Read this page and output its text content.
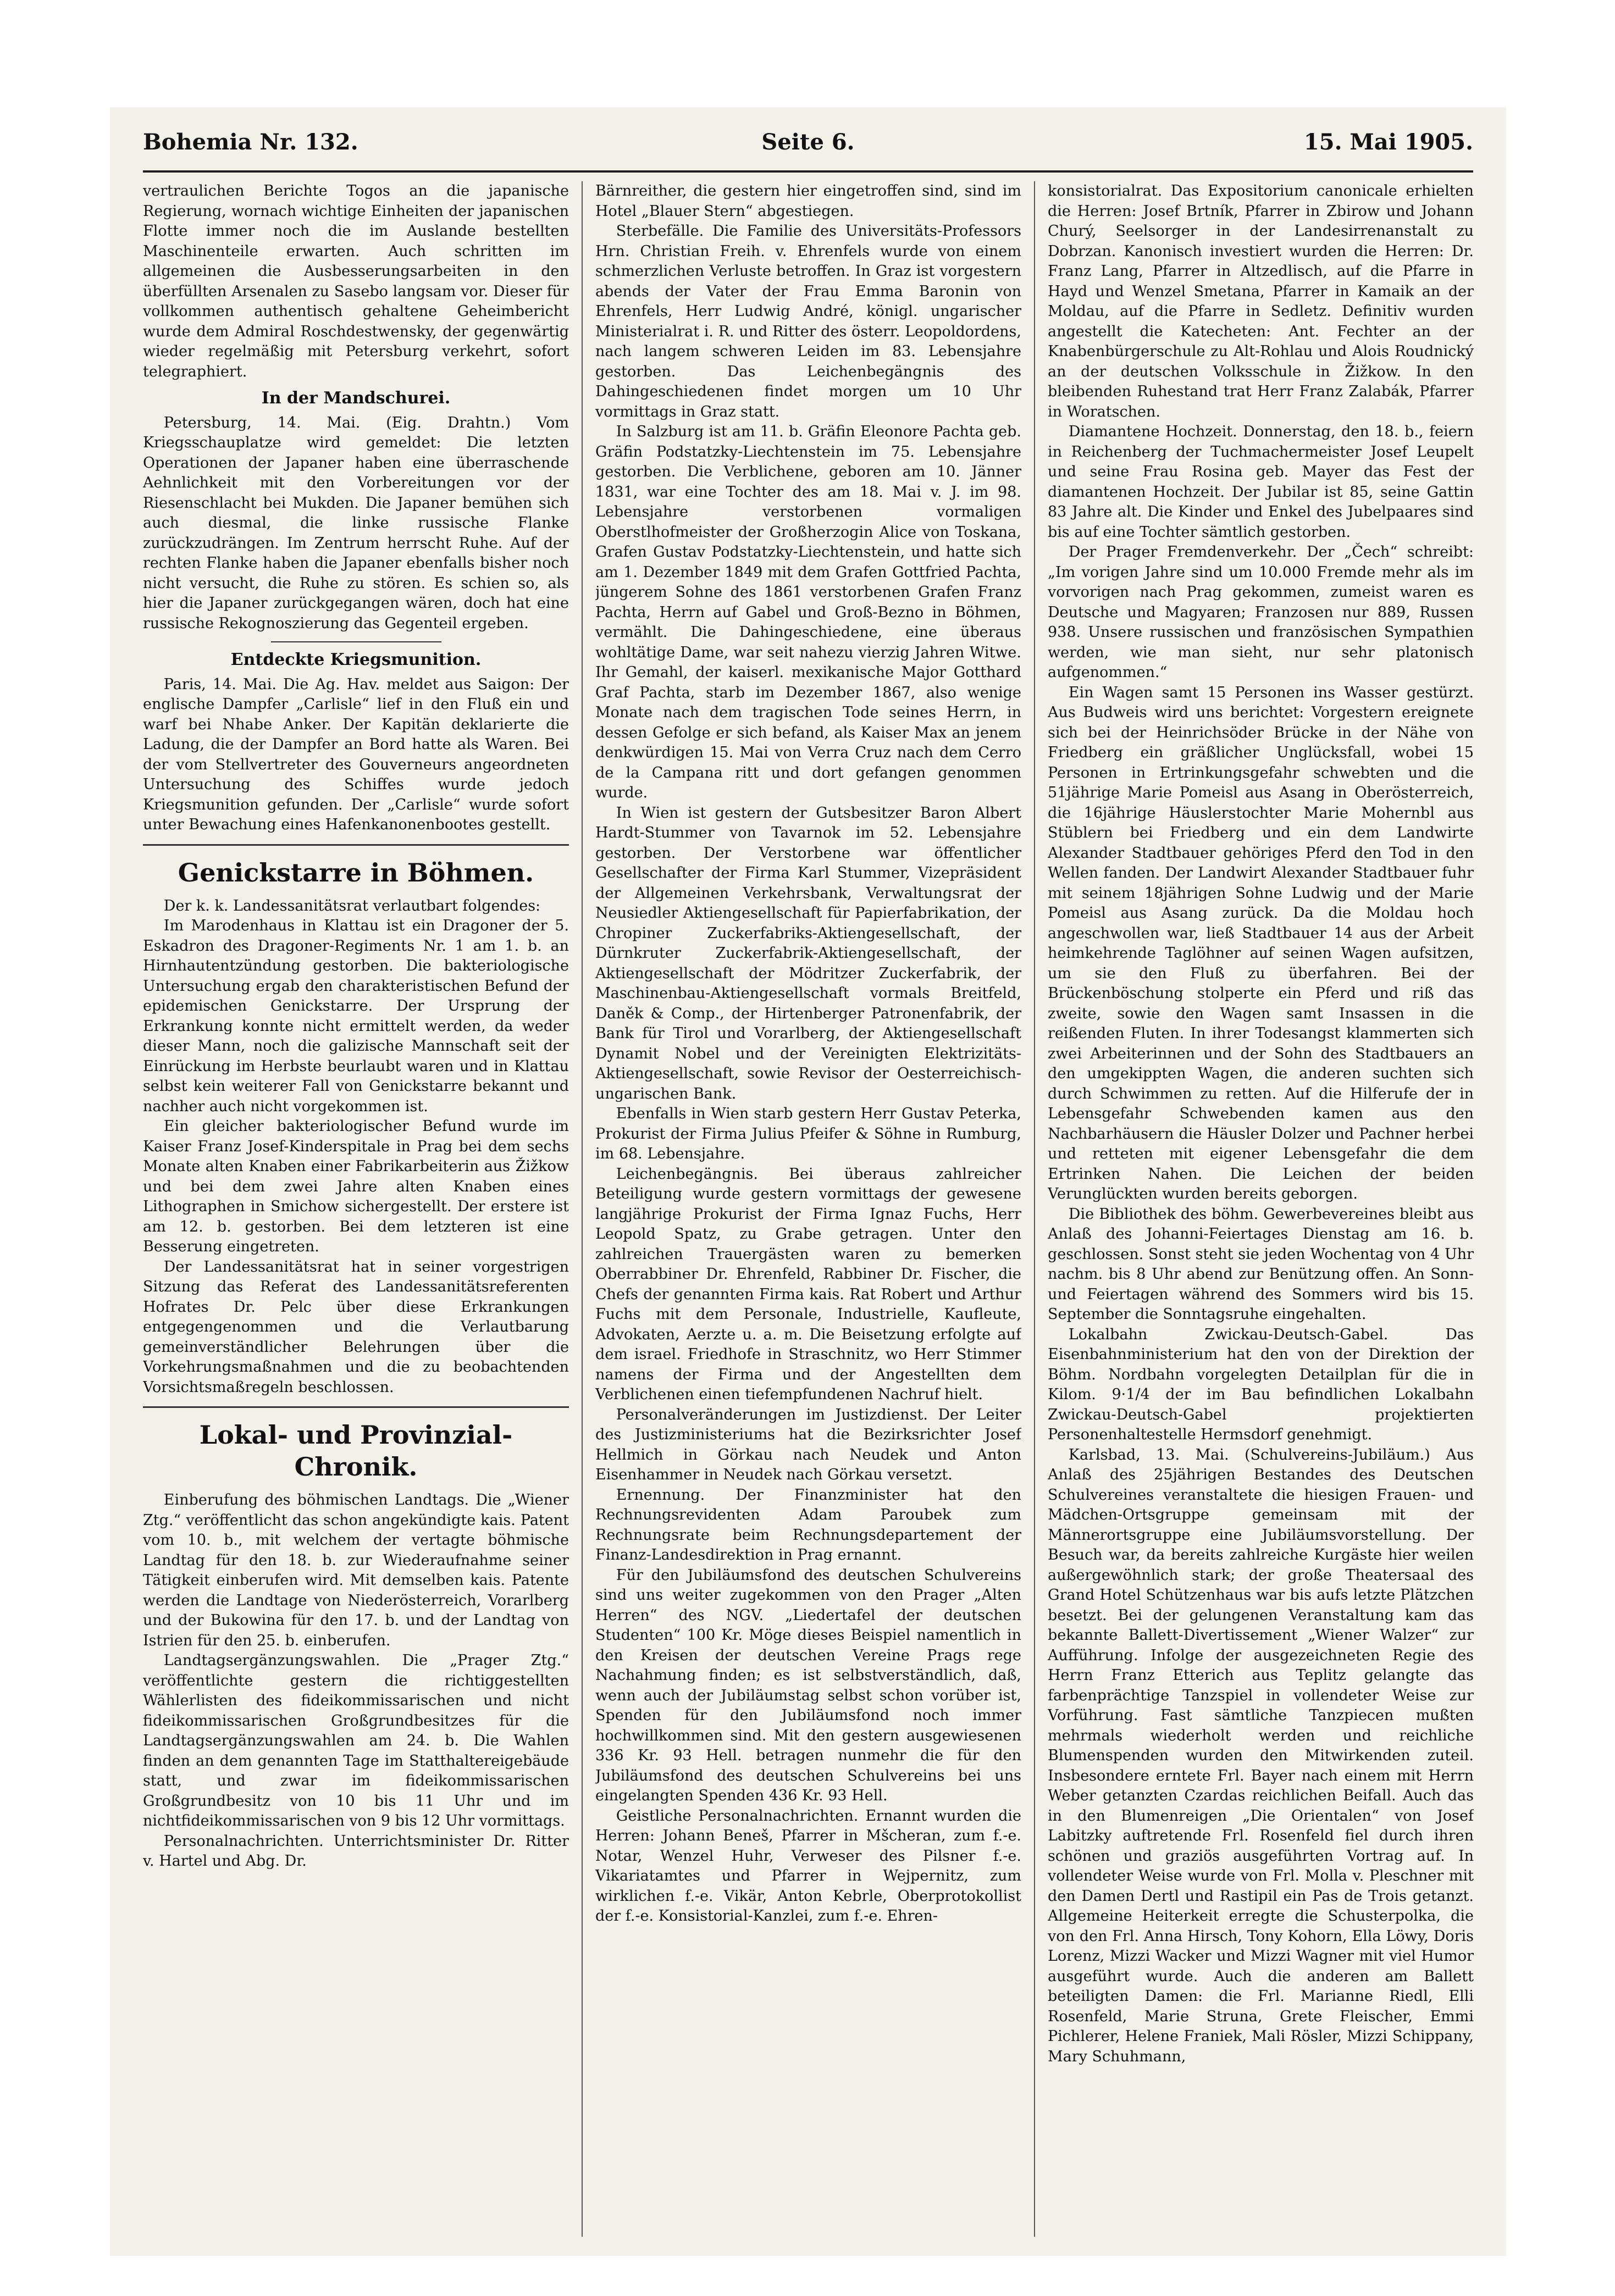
Bohemia Nr. 132.	Seite 6.	15. Mai 1905.

vertraulichen Berichte Togos an die japanische Regierung, wornach wichtige Einheiten der japanischen Flotte immer noch die im Auslande bestellten Maschinenteile erwarten. Auch schritten im allgemeinen die Ausbesserungsarbeiten in den überfüllten Arsenalen zu Sasebo langsam vor. Dieser für vollkommen authentisch gehaltene Geheimbericht wurde dem Admiral Roschdestwensky, der gegenwärtig wieder regelmäßig mit Petersburg verkehrt, sofort telegraphiert.

In der Mandschurei.

Petersburg, 14. Mai. (Eig. Drahtn.) Vom Kriegsschauplatze wird gemeldet: Die letzten Operationen der Japaner haben eine überraschende Aehnlichkeit mit den Vorbereitungen vor der Riesenschlacht bei Mukden. Die Japaner bemühen sich auch diesmal, die linke russische Flanke zurückzudrängen. Im Zentrum herrscht Ruhe. Auf der rechten Flanke haben die Japaner ebenfalls bisher noch nicht versucht, die Ruhe zu stören. Es schien so, als hier die Japaner zurückgegangen wären, doch hat eine russische Rekognoszierung das Gegenteil ergeben.

Entdeckte Kriegsmunition.

Paris, 14. Mai. Die Ag. Hav. meldet aus Saigon: Der englische Dampfer „Carlisle“ lief in den Fluß ein und warf bei Nhabe Anker. Der Kapitän deklarierte die Ladung, die der Dampfer an Bord hatte als Waren. Bei der vom Stellvertreter des Gouverneurs angeordneten Untersuchung des Schiffes wurde jedoch Kriegsmunition gefunden. Der „Carlisle“ wurde sofort unter Bewachung eines Hafenkanonenbootes gestellt.

Genickstarre in Böhmen.

Der k. k. Landessanitätsrat verlautbart folgendes:

Im Marodenhaus in Klattau ist ein Dragoner der 5. Eskadron des Dragoner-Regiments Nr. 1 am 1. b. an Hirnhautentzündung gestorben. Die bakteriologische Untersuchung ergab den charakteristischen Befund der epidemischen Genickstarre. Der Ursprung der Erkrankung konnte nicht ermittelt werden, da weder dieser Mann, noch die galizische Mannschaft seit der Einrückung im Herbste beurlaubt waren und in Klattau selbst kein weiterer Fall von Genickstarre bekannt und nachher auch nicht vorgekommen ist.

Ein gleicher bakteriologischer Befund wurde im Kaiser Franz Josef-Kinderspitale in Prag bei dem sechs Monate alten Knaben einer Fabrikarbeiterin aus Žižkow und bei dem zwei Jahre alten Knaben eines Lithographen in Smichow sichergestellt. Der erstere ist am 12. b. gestorben. Bei dem letzteren ist eine Besserung eingetreten.

Der Landessanitätsrat hat in seiner vorgestrigen Sitzung das Referat des Landessanitätsreferenten Hofrates Dr. Pelc über diese Erkrankungen entgegengenommen und die Verlautbarung gemeinverständlicher Belehrungen über die Vorkehrungsmaßnahmen und die zu beobachtenden Vorsichtsmaßregeln beschlossen.

Lokal- und Provinzial-Chronik.

Einberufung des böhmischen Landtags. Die „Wiener Ztg.“ veröffentlicht das schon angekündigte kais. Patent vom 10. b., mit welchem der vertagte böhmische Landtag für den 18. b. zur Wiederaufnahme seiner Tätigkeit einberufen wird. Mit demselben kais. Patente werden die Landtage von Niederösterreich, Vorarlberg und der Bukowina für den 17. b. und der Landtag von Istrien für den 25. b. einberufen.

Landtagsergänzungswahlen. Die „Prager Ztg.“ veröffentlichte gestern die richtiggestellten Wählerlisten des fideikommissarischen und nicht fideikommissarischen Großgrundbesitzes für die Landtagsergänzungswahlen am 24. b. Die Wahlen finden an dem genannten Tage im Statthaltereigebäude statt, und zwar im fideikommissarischen Großgrundbesitz von 10 bis 11 Uhr und im nichtfideikommissarischen von 9 bis 12 Uhr vormittags.

Personalnachrichten. Unterrichtsminister Dr. Ritter v. Hartel und Abg. Dr.

Bärnreither, die gestern hier eingetroffen sind, sind im Hotel „Blauer Stern“ abgestiegen.

Sterbefälle. Die Familie des Universitäts-Professors Hrn. Christian Freih. v. Ehrenfels wurde von einem schmerzlichen Verluste betroffen. In Graz ist vorgestern abends der Vater der Frau Emma Baronin von Ehrenfels, Herr Ludwig André, königl. ungarischer Ministerialrat i. R. und Ritter des österr. Leopoldordens, nach langem schweren Leiden im 83. Lebensjahre gestorben. Das Leichenbegängnis des Dahingeschiedenen findet morgen um 10 Uhr vormittags in Graz statt.

In Salzburg ist am 11. b. Gräfin Eleonore Pachta geb. Gräfin Podstatzky-Liechtenstein im 75. Lebensjahre gestorben. Die Verblichene, geboren am 10. Jänner 1831, war eine Tochter des am 18. Mai v. J. im 98. Lebensjahre verstorbenen vormaligen Oberstlhofmeister der Großherzogin Alice von Toskana, Grafen Gustav Podstatzky-Liechtenstein, und hatte sich am 1. Dezember 1849 mit dem Grafen Gottfried Pachta, jüngerem Sohne des 1861 verstorbenen Grafen Franz Pachta, Herrn auf Gabel und Groß-Bezno in Böhmen, vermählt. Die Dahingeschiedene, eine überaus wohltätige Dame, war seit nahezu vierzig Jahren Witwe. Ihr Gemahl, der kaiserl. mexikanische Major Gotthard Graf Pachta, starb im Dezember 1867, also wenige Monate nach dem tragischen Tode seines Herrn, in dessen Gefolge er sich befand, als Kaiser Max an jenem denkwürdigen 15. Mai von Verra Cruz nach dem Cerro de la Campana ritt und dort gefangen genommen wurde.

In Wien ist gestern der Gutsbesitzer Baron Albert Hardt-Stummer von Tavarnok im 52. Lebensjahre gestorben. Der Verstorbene war öffentlicher Gesellschafter der Firma Karl Stummer, Vizepräsident der Allgemeinen Verkehrsbank, Verwaltungsrat der Neusiedler Aktiengesellschaft für Papierfabrikation, der Chropiner Zuckerfabriks-Aktiengesellschaft, der Dürnkruter Zuckerfabrik-Aktiengesellschaft, der Aktiengesellschaft der Mödritzer Zuckerfabrik, der Maschinenbau-Aktiengesellschaft vormals Breitfeld, Daněk & Comp., der Hirtenberger Patronenfabrik, der Bank für Tirol und Vorarlberg, der Aktiengesellschaft Dynamit Nobel und der Vereinigten Elektrizitäts-Aktiengesellschaft, sowie Revisor der Oesterreichisch-ungarischen Bank.

Ebenfalls in Wien starb gestern Herr Gustav Peterka, Prokurist der Firma Julius Pfeifer & Söhne in Rumburg, im 68. Lebensjahre.

Leichenbegängnis. Bei überaus zahlreicher Beteiligung wurde gestern vormittags der gewesene langjährige Prokurist der Firma Ignaz Fuchs, Herr Leopold Spatz, zu Grabe getragen. Unter den zahlreichen Trauergästen waren zu bemerken Oberrabbiner Dr. Ehrenfeld, Rabbiner Dr. Fischer, die Chefs der genannten Firma kais. Rat Robert und Arthur Fuchs mit dem Personale, Industrielle, Kaufleute, Advokaten, Aerzte u. a. m. Die Beisetzung erfolgte auf dem israel. Friedhofe in Straschnitz, wo Herr Stimmer namens der Firma und der Angestellten dem Verblichenen einen tiefempfundenen Nachruf hielt.

Personalveränderungen im Justizdienst. Der Leiter des Justizministeriums hat die Bezirksrichter Josef Hellmich in Görkau nach Neudek und Anton Eisenhammer in Neudek nach Görkau versetzt.

Ernennung. Der Finanzminister hat den Rechnungsrevidenten Adam Paroubek zum Rechnungsrate beim Rechnungsdepartement der Finanz-Landesdirektion in Prag ernannt.

Für den Jubiläumsfond des deutschen Schulvereins sind uns weiter zugekommen von den Prager „Alten Herren“ des NGV. „Liedertafel der deutschen Studenten“ 100 Kr. Möge dieses Beispiel namentlich in den Kreisen der deutschen Vereine Prags rege Nachahmung finden; es ist selbstverständlich, daß, wenn auch der Jubiläumstag selbst schon vorüber ist, Spenden für den Jubiläumsfond noch immer hochwillkommen sind. Mit den gestern ausgewiesenen 336 Kr. 93 Hell. betragen nunmehr die für den Jubiläumsfond des deutschen Schulvereins bei uns eingelangten Spenden 436 Kr. 93 Hell.

Geistliche Personalnachrichten. Ernannt wurden die Herren: Johann Beneš, Pfarrer in Mšcheran, zum f.-e. Notar, Wenzel Huhr, Verweser des Pilsner f.-e. Vikariatamtes und Pfarrer in Wejpernitz, zum wirklichen f.-e. Vikär, Anton Kebrle, Oberprotokollist der f.-e. Konsistorial-Kanzlei, zum f.-e. Ehren-

konsistorialrat. Das Expositorium canonicale erhielten die Herren: Josef Brtník, Pfarrer in Zbirow und Johann Churý, Seelsorger in der Landesirrenanstalt zu Dobrzan. Kanonisch investiert wurden die Herren: Dr. Franz Lang, Pfarrer in Altzedlisch, auf die Pfarre in Hayd und Wenzel Smetana, Pfarrer in Kamaik an der Moldau, auf die Pfarre in Sedletz. Definitiv wurden angestellt die Katecheten: Ant. Fechter an der Knabenbürgerschule zu Alt-Rohlau und Alois Roudnický an der deutschen Volksschule in Žižkow. In den bleibenden Ruhestand trat Herr Franz Zalabák, Pfarrer in Woratschen.

Diamantene Hochzeit. Donnerstag, den 18. b., feiern in Reichenberg der Tuchmachermeister Josef Leupelt und seine Frau Rosina geb. Mayer das Fest der diamantenen Hochzeit. Der Jubilar ist 85, seine Gattin 83 Jahre alt. Die Kinder und Enkel des Jubelpaares sind bis auf eine Tochter sämtlich gestorben.

Der Prager Fremdenverkehr. Der „Čech“ schreibt: „Im vorigen Jahre sind um 10.000 Fremde mehr als im vorvorigen nach Prag gekommen, zumeist waren es Deutsche und Magyaren; Franzosen nur 889, Russen 938. Unsere russischen und französischen Sympathien werden, wie man sieht, nur sehr platonisch aufgenommen.“

Ein Wagen samt 15 Personen ins Wasser gestürzt. Aus Budweis wird uns berichtet: Vorgestern ereignete sich bei der Heinrichsöder Brücke in der Nähe von Friedberg ein gräßlicher Unglücksfall, wobei 15 Personen in Ertrinkungsgefahr schwebten und die 51jährige Marie Pomeisl aus Asang in Oberösterreich, die 16jährige Häuslerstochter Marie Mohernbl aus Stüblern bei Friedberg und ein dem Landwirte Alexander Stadtbauer gehöriges Pferd den Tod in den Wellen fanden. Der Landwirt Alexander Stadtbauer fuhr mit seinem 18jährigen Sohne Ludwig und der Marie Pomeisl aus Asang zurück. Da die Moldau hoch angeschwollen war, ließ Stadtbauer 14 aus der Arbeit heimkehrende Taglöhner auf seinen Wagen aufsitzen, um sie den Fluß zu überfahren. Bei der Brückenböschung stolperte ein Pferd und riß das zweite, sowie den Wagen samt Insassen in die reißenden Fluten. In ihrer Todesangst klammerten sich zwei Arbeiterinnen und der Sohn des Stadtbauers an den umgekippten Wagen, die anderen suchten sich durch Schwimmen zu retten. Auf die Hilferufe der in Lebensgefahr Schwebenden kamen aus den Nachbarhäusern die Häusler Dolzer und Pachner herbei und retteten mit eigener Lebensgefahr die dem Ertrinken Nahen. Die Leichen der beiden Verunglückten wurden bereits geborgen.

Die Bibliothek des böhm. Gewerbevereines bleibt aus Anlaß des Johanni-Feiertages Dienstag am 16. b. geschlossen. Sonst steht sie jeden Wochentag von 4 Uhr nachm. bis 8 Uhr abend zur Benützung offen. An Sonn- und Feiertagen während des Sommers wird bis 15. September die Sonntagsruhe eingehalten.

Lokalbahn Zwickau-Deutsch-Gabel. Das Eisenbahnministerium hat den von der Direktion der Böhm. Nordbahn vorgelegten Detailplan für die in Kilom. 9·1/4 der im Bau befindlichen Lokalbahn Zwickau-Deutsch-Gabel projektierten Personenhaltestelle Hermsdorf genehmigt.

Karlsbad, 13. Mai. (Schulvereins-Jubiläum.) Aus Anlaß des 25jährigen Bestandes des Deutschen Schulvereines veranstaltete die hiesigen Frauen- und Mädchen-Ortsgruppe gemeinsam mit der Männerortsgruppe eine Jubiläumsvorstellung. Der Besuch war, da bereits zahlreiche Kurgäste hier weilen außergewöhnlich stark; der große Theatersaal des Grand Hotel Schützenhaus war bis aufs letzte Plätzchen besetzt. Bei der gelungenen Veranstaltung kam das bekannte Ballett-Divertissement „Wiener Walzer“ zur Aufführung. Infolge der ausgezeichneten Regie des Herrn Franz Etterich aus Teplitz gelangte das farbenprächtige Tanzspiel in vollendeter Weise zur Vorführung. Fast sämtliche Tanzpiecen mußten mehrmals wiederholt werden und reichliche Blumenspenden wurden den Mitwirkenden zuteil. Insbesondere erntete Frl. Bayer nach einem mit Herrn Weber getanzten Czardas reichlichen Beifall. Auch das in den Blumenreigen „Die Orientalen“ von Josef Labitzky auftretende Frl. Rosenfeld fiel durch ihren schönen und graziös ausgeführten Vortrag auf. In vollendeter Weise wurde von Frl. Molla v. Pleschner mit den Damen Dertl und Rastipil ein Pas de Trois getanzt. Allgemeine Heiterkeit erregte die Schusterpolka, die von den Frl. Anna Hirsch, Tony Kohorn, Ella Löwy, Doris Lorenz, Mizzi Wacker und Mizzi Wagner mit viel Humor ausgeführt wurde. Auch die anderen am Ballett beteiligten Damen: die Frl. Marianne Riedl, Elli Rosenfeld, Marie Struna, Grete Fleischer, Emmi Pichlerer, Helene Franiek, Mali Rösler, Mizzi Schippany, Mary Schuhmann,
